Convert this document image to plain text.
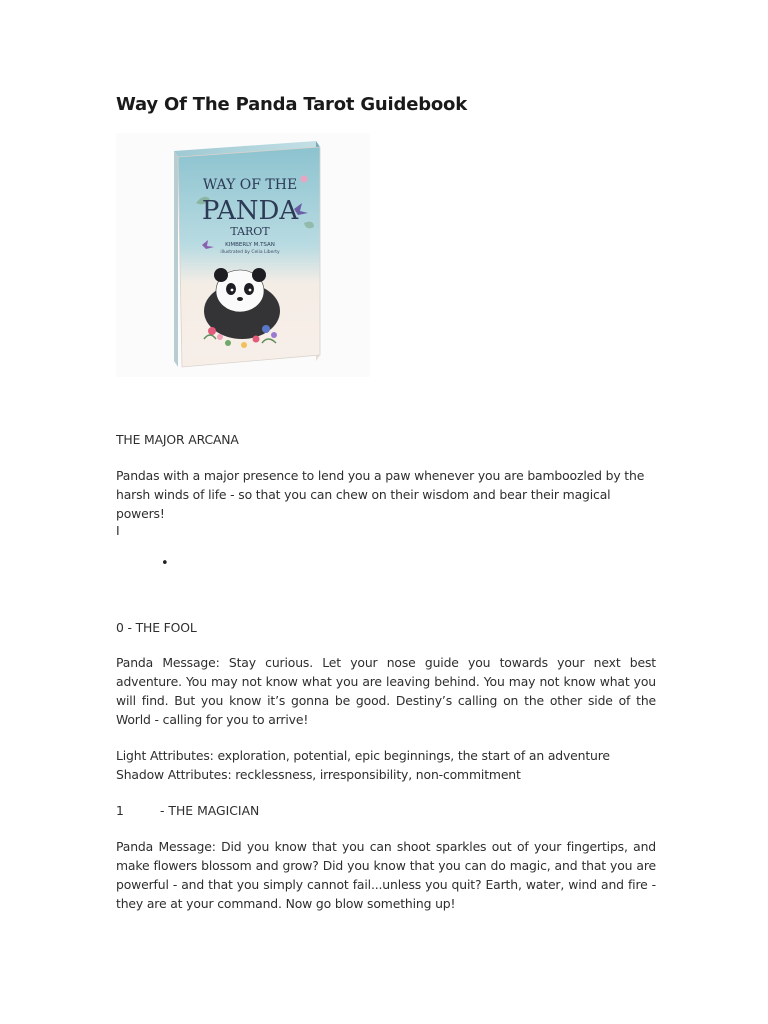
Way Of The Panda Tarot Guidebook
WAY OF THE
PANDA
TAROT
KIMBERLY M.TSAN
illustrated by Celia Liberty
THE MAJOR ARCANA
Pandas with a major presence to lend you a paw whenever you are bamboozled by the harsh winds of life - so that you can chew on their wisdom and bear their magical powers!
I
•
0 - THE FOOL
Panda Message: Stay curious. Let your nose guide you towards your next best adventure. You may not know what you are leaving behind. You may not know what you will find. But you know it’s gonna be good. Destiny’s calling on the other side of the World - calling for you to arrive!
Light Attributes: exploration, potential, epic beginnings, the start of an adventure Shadow Attributes: recklessness, irresponsibility, non-commitment
1	- THE MAGICIAN
Panda Message: Did you know that you can shoot sparkles out of your fingertips, and make flowers blossom and grow? Did you know that you can do magic, and that you are powerful - and that you simply cannot fail...unless you quit? Earth, water, wind and fire - they are at your command. Now go blow something up!
